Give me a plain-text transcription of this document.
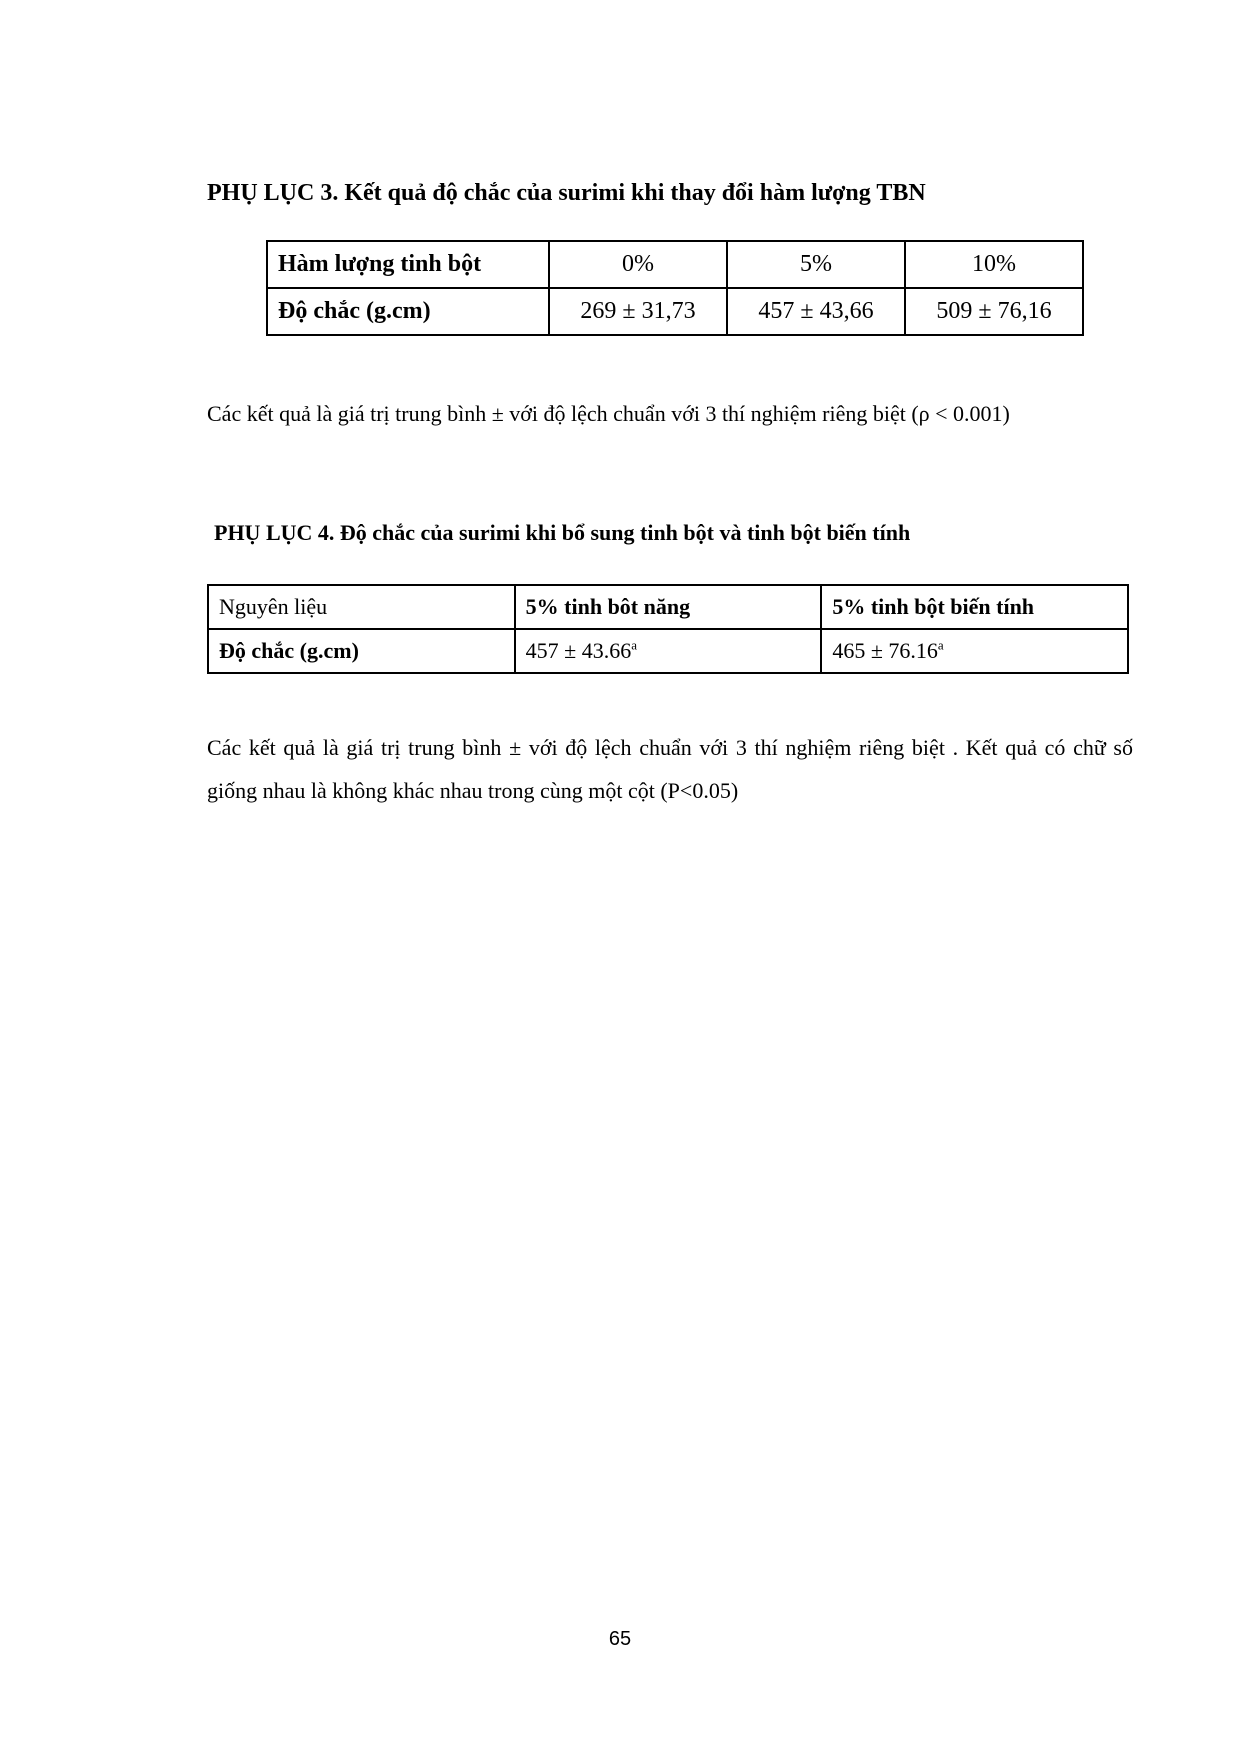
PHỤ LỤC 3. Kết quả độ chắc của surimi khi thay đổi hàm lượng TBN
Hàm lượng tinh bột	0%	5%	10%
Độ chắc (g.cm)	269 ± 31,73	457 ± 43,66	509 ± 76,16

Các kết quả là giá trị trung bình ± với độ lệch chuẩn với 3 thí nghiệm riêng biệt (ρ < 0.001)

PHỤ LỤC 4. Độ chắc của surimi khi bổ sung tinh bột và tinh bột biến tính
Nguyên liệu	5% tinh bôt năng	5% tinh bột biến tính
Độ chắc (g.cm)	457 ± 43.66$^a$	465 ± 76.16$^a$

Các kết quả là giá trị trung bình ± với độ lệch chuẩn với 3 thí nghiệm riêng biệt . Kết quả có chữ số giống nhau là không khác nhau trong cùng một cột (P<0.05)

65
